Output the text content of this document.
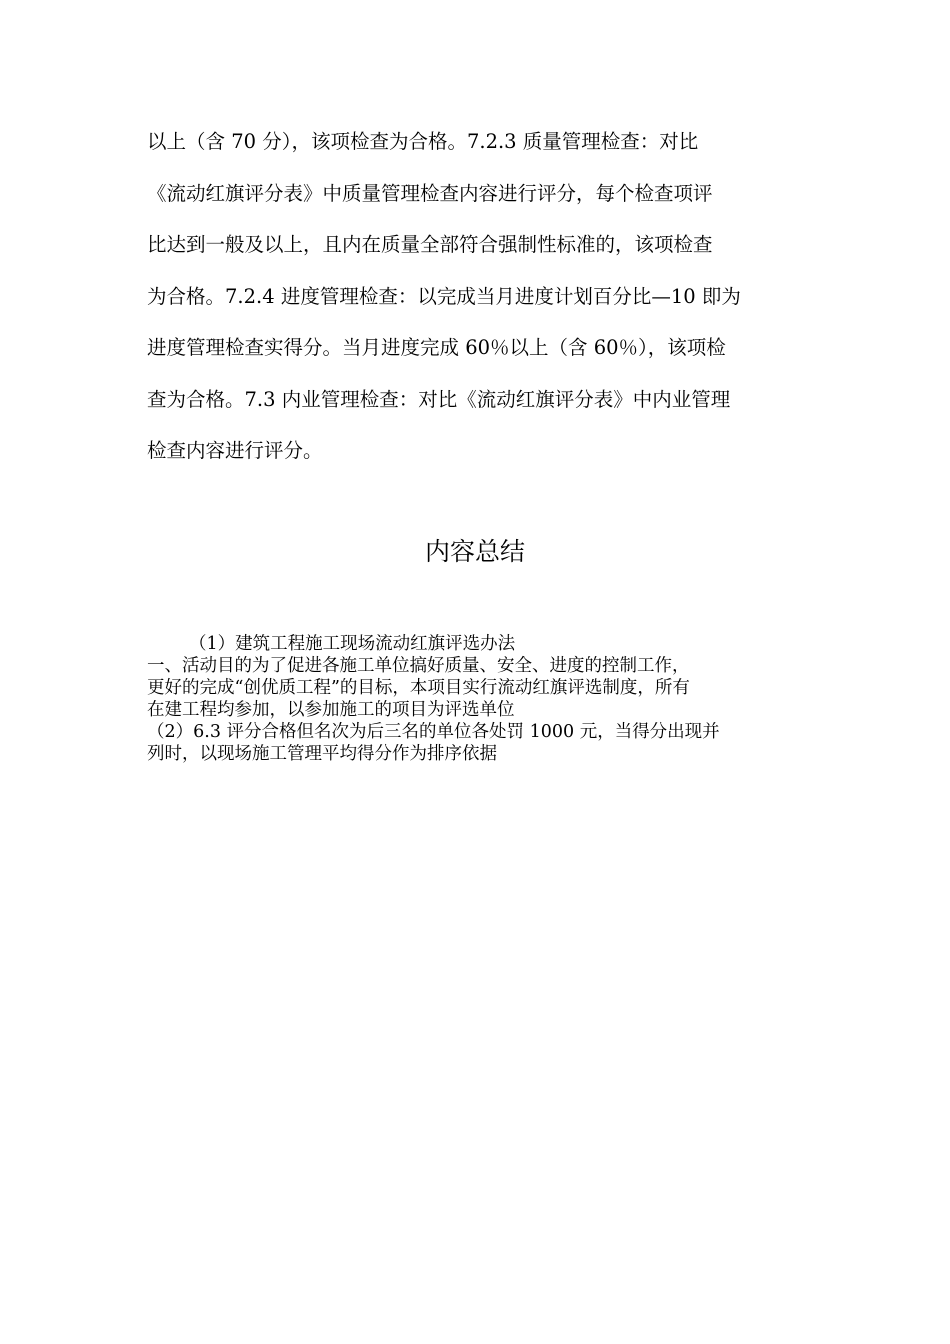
以上（含 70 分），该项检查为合格。7.2.3 质量管理检查：对比
《流动红旗评分表》中质量管理检查内容进行评分，每个检查项评
比达到一般及以上，且内在质量全部符合强制性标准的，该项检查
为合格。7.2.4 进度管理检查：以完成当月进度计划百分比—10 即为
进度管理检查实得分。当月进度完成 60％以上（含 60％），该项检
查为合格。7.3 内业管理检查：对比《流动红旗评分表》中内业管理
检查内容进行评分。
内容总结
（1）建筑工程施工现场流动红旗评选办法
一、活动目的为了促进各施工单位搞好质量、安全、进度的控制工作，
更好的完成“创优质工程”的目标，本项目实行流动红旗评选制度，所有
在建工程均参加，以参加施工的项目为评选单位
（2）6.3 评分合格但名次为后三名的单位各处罚 1000 元，当得分出现并
列时，以现场施工管理平均得分作为排序依据
